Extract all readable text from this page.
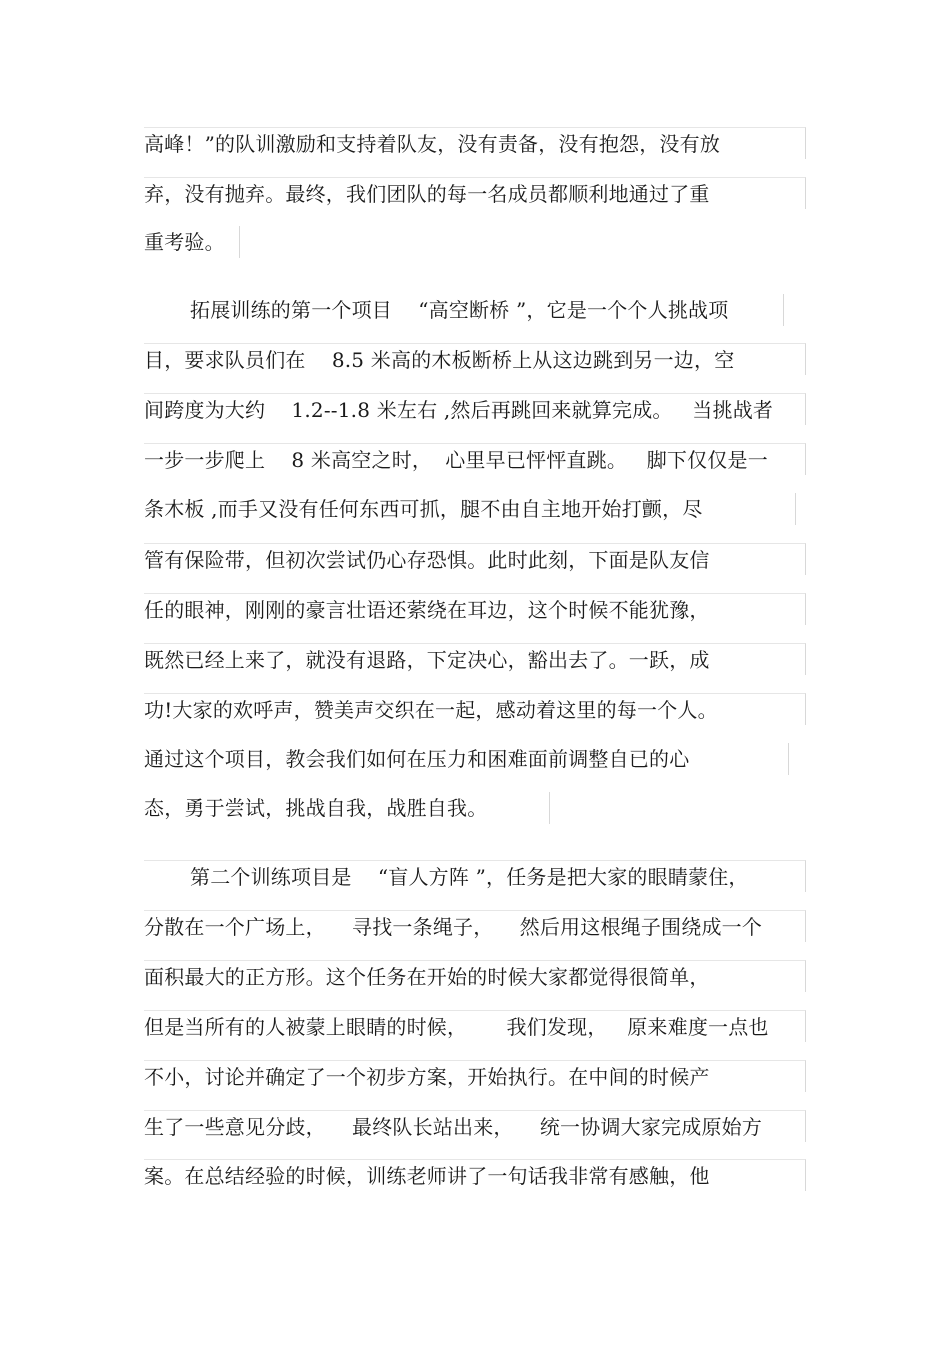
高峰！”的队训激励和支持着队友，没有责备，没有抱怨，没有放
弃，没有抛弃。最终，我们团队的每一名成员都顺利地通过了重
重考验。
拓展训练的第一个项目    “高空断桥 ”，它是一个个人挑战项
目，要求队员们在    8.5 米高的木板断桥上从这边跳到另一边，空
间跨度为大约    1.2--1.8 米左右 ,然后再跳回来就算完成。   当挑战者
一步一步爬上    8 米高空之时，  心里早已怦怦直跳。   脚下仅仅是一
条木板 ,而手又没有任何东西可抓，腿不由自主地开始打颤，尽
管有保险带，但初次尝试仍心存恐惧。此时此刻，下面是队友信
任的眼神，刚刚的豪言壮语还萦绕在耳边，这个时候不能犹豫，
既然已经上来了，就没有退路，下定决心，豁出去了。一跃，成
功!大家的欢呼声，赞美声交织在一起，感动着这里的每一个人。
通过这个项目，教会我们如何在压力和困难面前调整自已的心
态，勇于尝试，挑战自我，战胜自我。
第二个训练项目是    “盲人方阵 ”，任务是把大家的眼睛蒙住，
分散在一个广场上，    寻找一条绳子，    然后用这根绳子围绕成一个
面积最大的正方形。这个任务在开始的时候大家都觉得很简单，
但是当所有的人被蒙上眼睛的时候，      我们发现，   原来难度一点也
不小，讨论并确定了一个初步方案，开始执行。在中间的时候产
生了一些意见分歧，    最终队长站出来，    统一协调大家完成原始方
案。在总结经验的时候，训练老师讲了一句话我非常有感触，他
